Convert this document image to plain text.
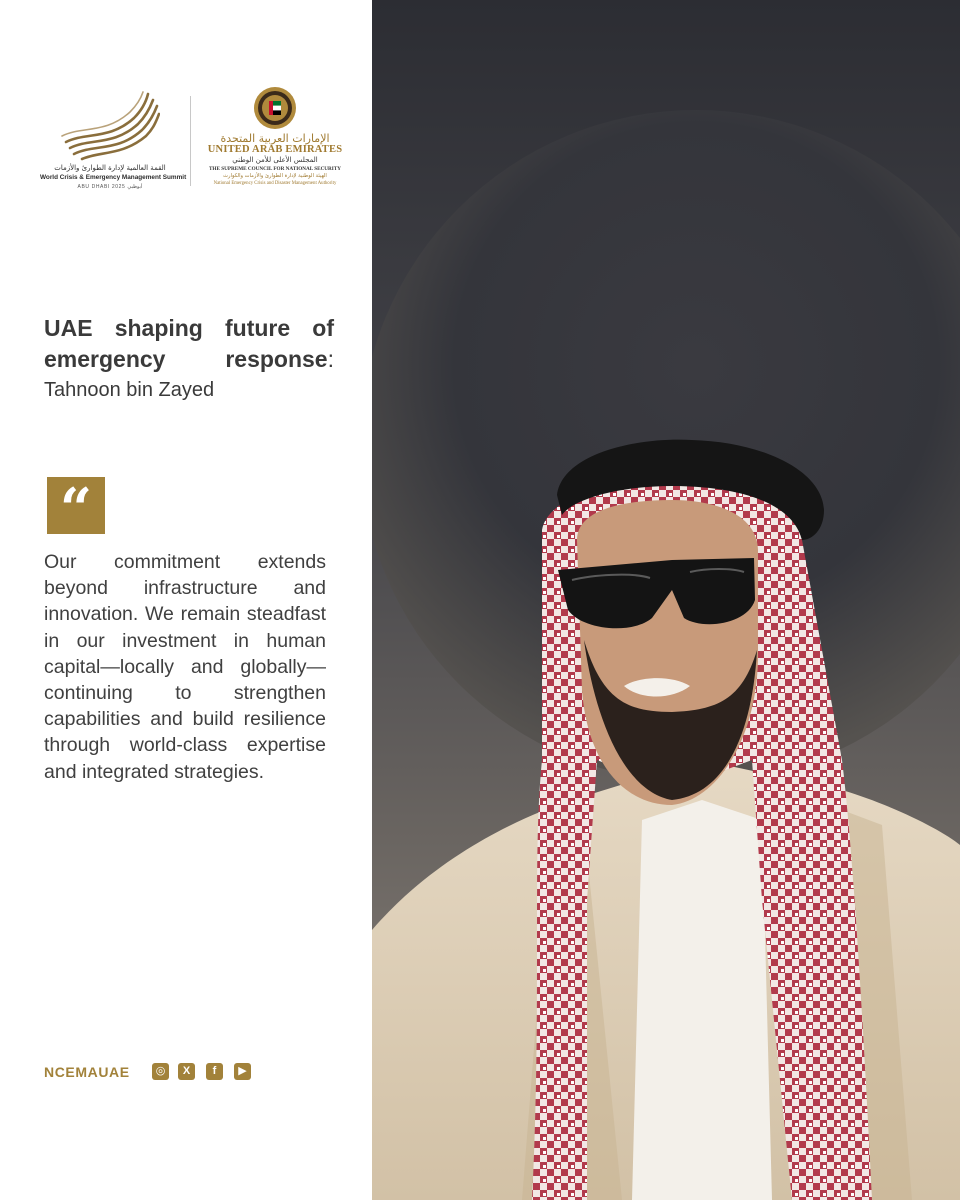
القمة العالمية لإدارة الطوارئ والأزمات
World Crisis & Emergency Management Summit
ABU DHABI 2025 أبوظبي
الإمارات العربية المتحدة
UNITED ARAB EMIRATES
المجلس الأعلى للأمن الوطني
THE SUPREME COUNCIL FOR NATIONAL SECURITY
الهيئة الوطنية لإدارة الطوارئ والأزمات والكوارث
National Emergency Crisis and Disaster Management Authority
UAE shaping future of emergency response:
Tahnoon bin Zayed
“
Our commitment extends beyond infrastructure and innovation. We remain steadfast in our investment in human capital—locally and globally—continuing to strengthen capabilities and build resilience through world-class expertise and integrated strategies.
NCEMAUAE	◎	X	f	▶
